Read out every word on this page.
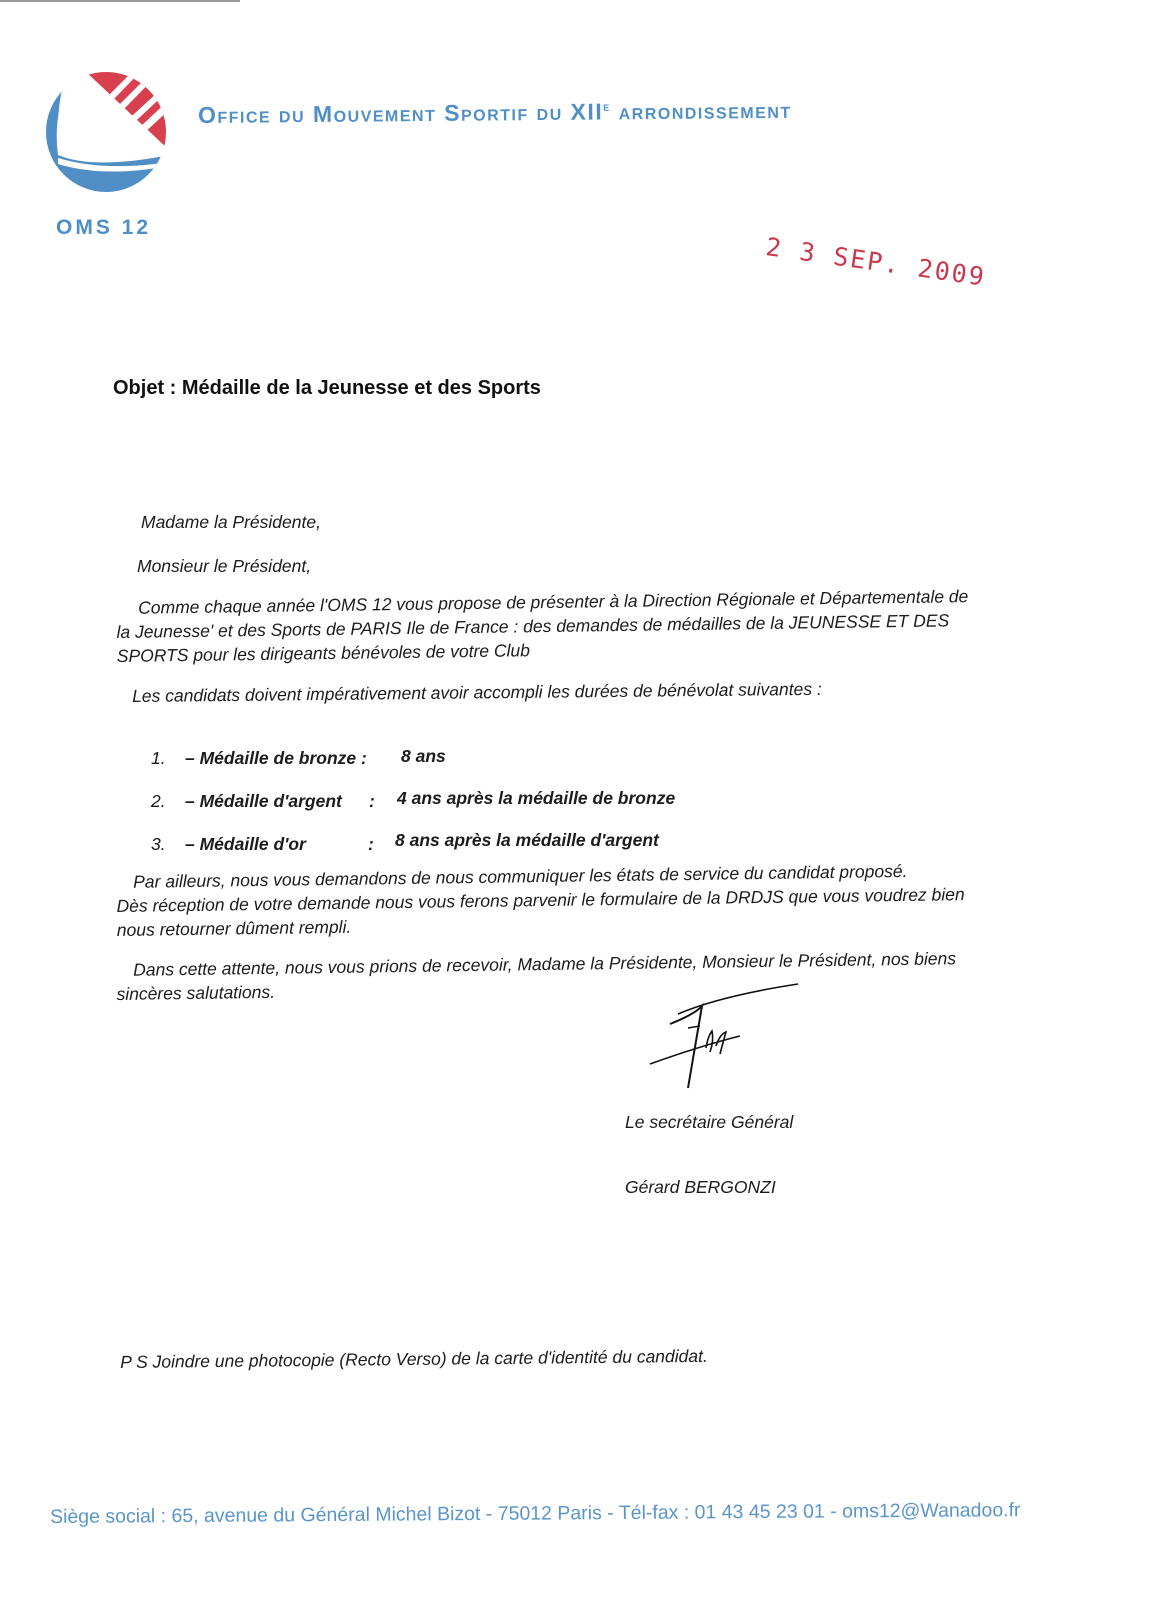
Office du Mouvement Sportif du XIIe arrondissement
OMS 12
2 3 SEP. 2009
Objet : Médaille de la Jeunesse et des Sports
Madame la Présidente,
Monsieur le Président,
Comme chaque année l'OMS 12 vous propose de présenter à la Direction Régionale et Départementale de
la Jeunesse' et des Sports de PARIS Ile de France : des demandes de médailles de la JEUNESSE ET DES
SPORTS pour les dirigeants bénévoles de votre Club
Les candidats doivent impérativement avoir accompli les durées de bénévolat suivantes :
1. – Médaille de bronze : 8 ans
2. – Médaille d'argent : 4 ans après la médaille de bronze
3. – Médaille d'or	: 8 ans après la médaille d'argent
Par ailleurs, nous vous demandons de nous communiquer les états de service du candidat proposé.
Dès réception de votre demande nous vous ferons parvenir le formulaire de la DRDJS que vous voudrez bien
nous retourner dûment rempli.
Dans cette attente, nous vous prions de recevoir, Madame la Présidente, Monsieur le Président, nos biens
sincères salutations.
Le secrétaire Général
Gérard BERGONZI
P S Joindre une photocopie (Recto Verso) de la carte d'identité du candidat.
Siège social : 65, avenue du Général Michel Bizot - 75012 Paris - Tél-fax : 01 43 45 23 01 - oms12@Wanadoo.fr
